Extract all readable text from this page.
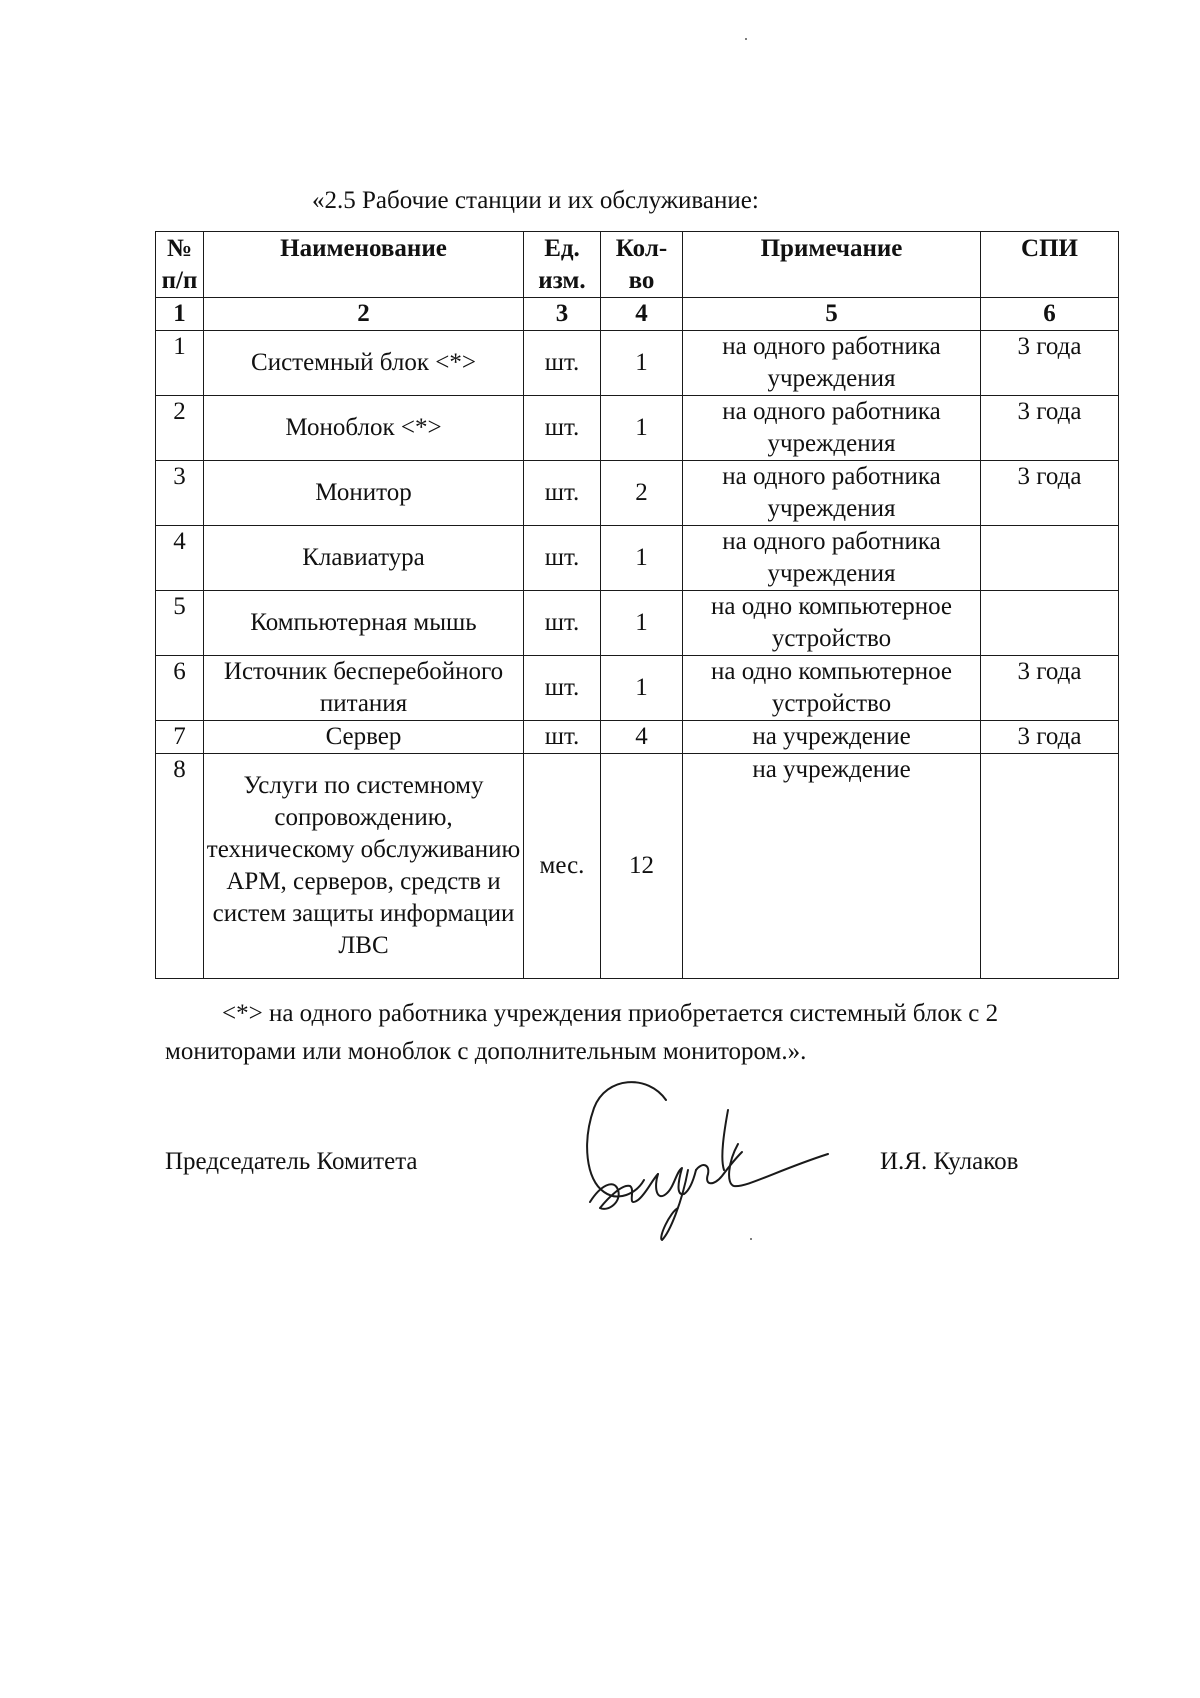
«2.5 Рабочие станции и их обслуживание:
№ п/п	Наименование	Ед. изм.	Кол-во	Примечание	СПИ
1	2	3	4	5	6
1	Системный блок <*>	шт.	1	на одного работника учреждения	3 года
2	Моноблок <*>	шт.	1	на одного работника учреждения	3 года
3	Монитор	шт.	2	на одного работника учреждения	3 года
4	Клавиатура	шт.	1	на одного работника учреждения	
5	Компьютерная мышь	шт.	1	на одно компьютерное устройство	
6	Источник бесперебойного питания	шт.	1	на одно компьютерное устройство	3 года
7	Сервер	шт.	4	на учреждение	3 года
8	Услуги по системному сопровождению, техническому обслуживанию АРМ, серверов, средств и систем защиты информации ЛВС	мес.	12	на учреждение	
<*> на одного работника учреждения приобретается системный блок с 2 мониторами или моноблок с дополнительным монитором.».
Председатель Комитета	И.Я. Кулаков
